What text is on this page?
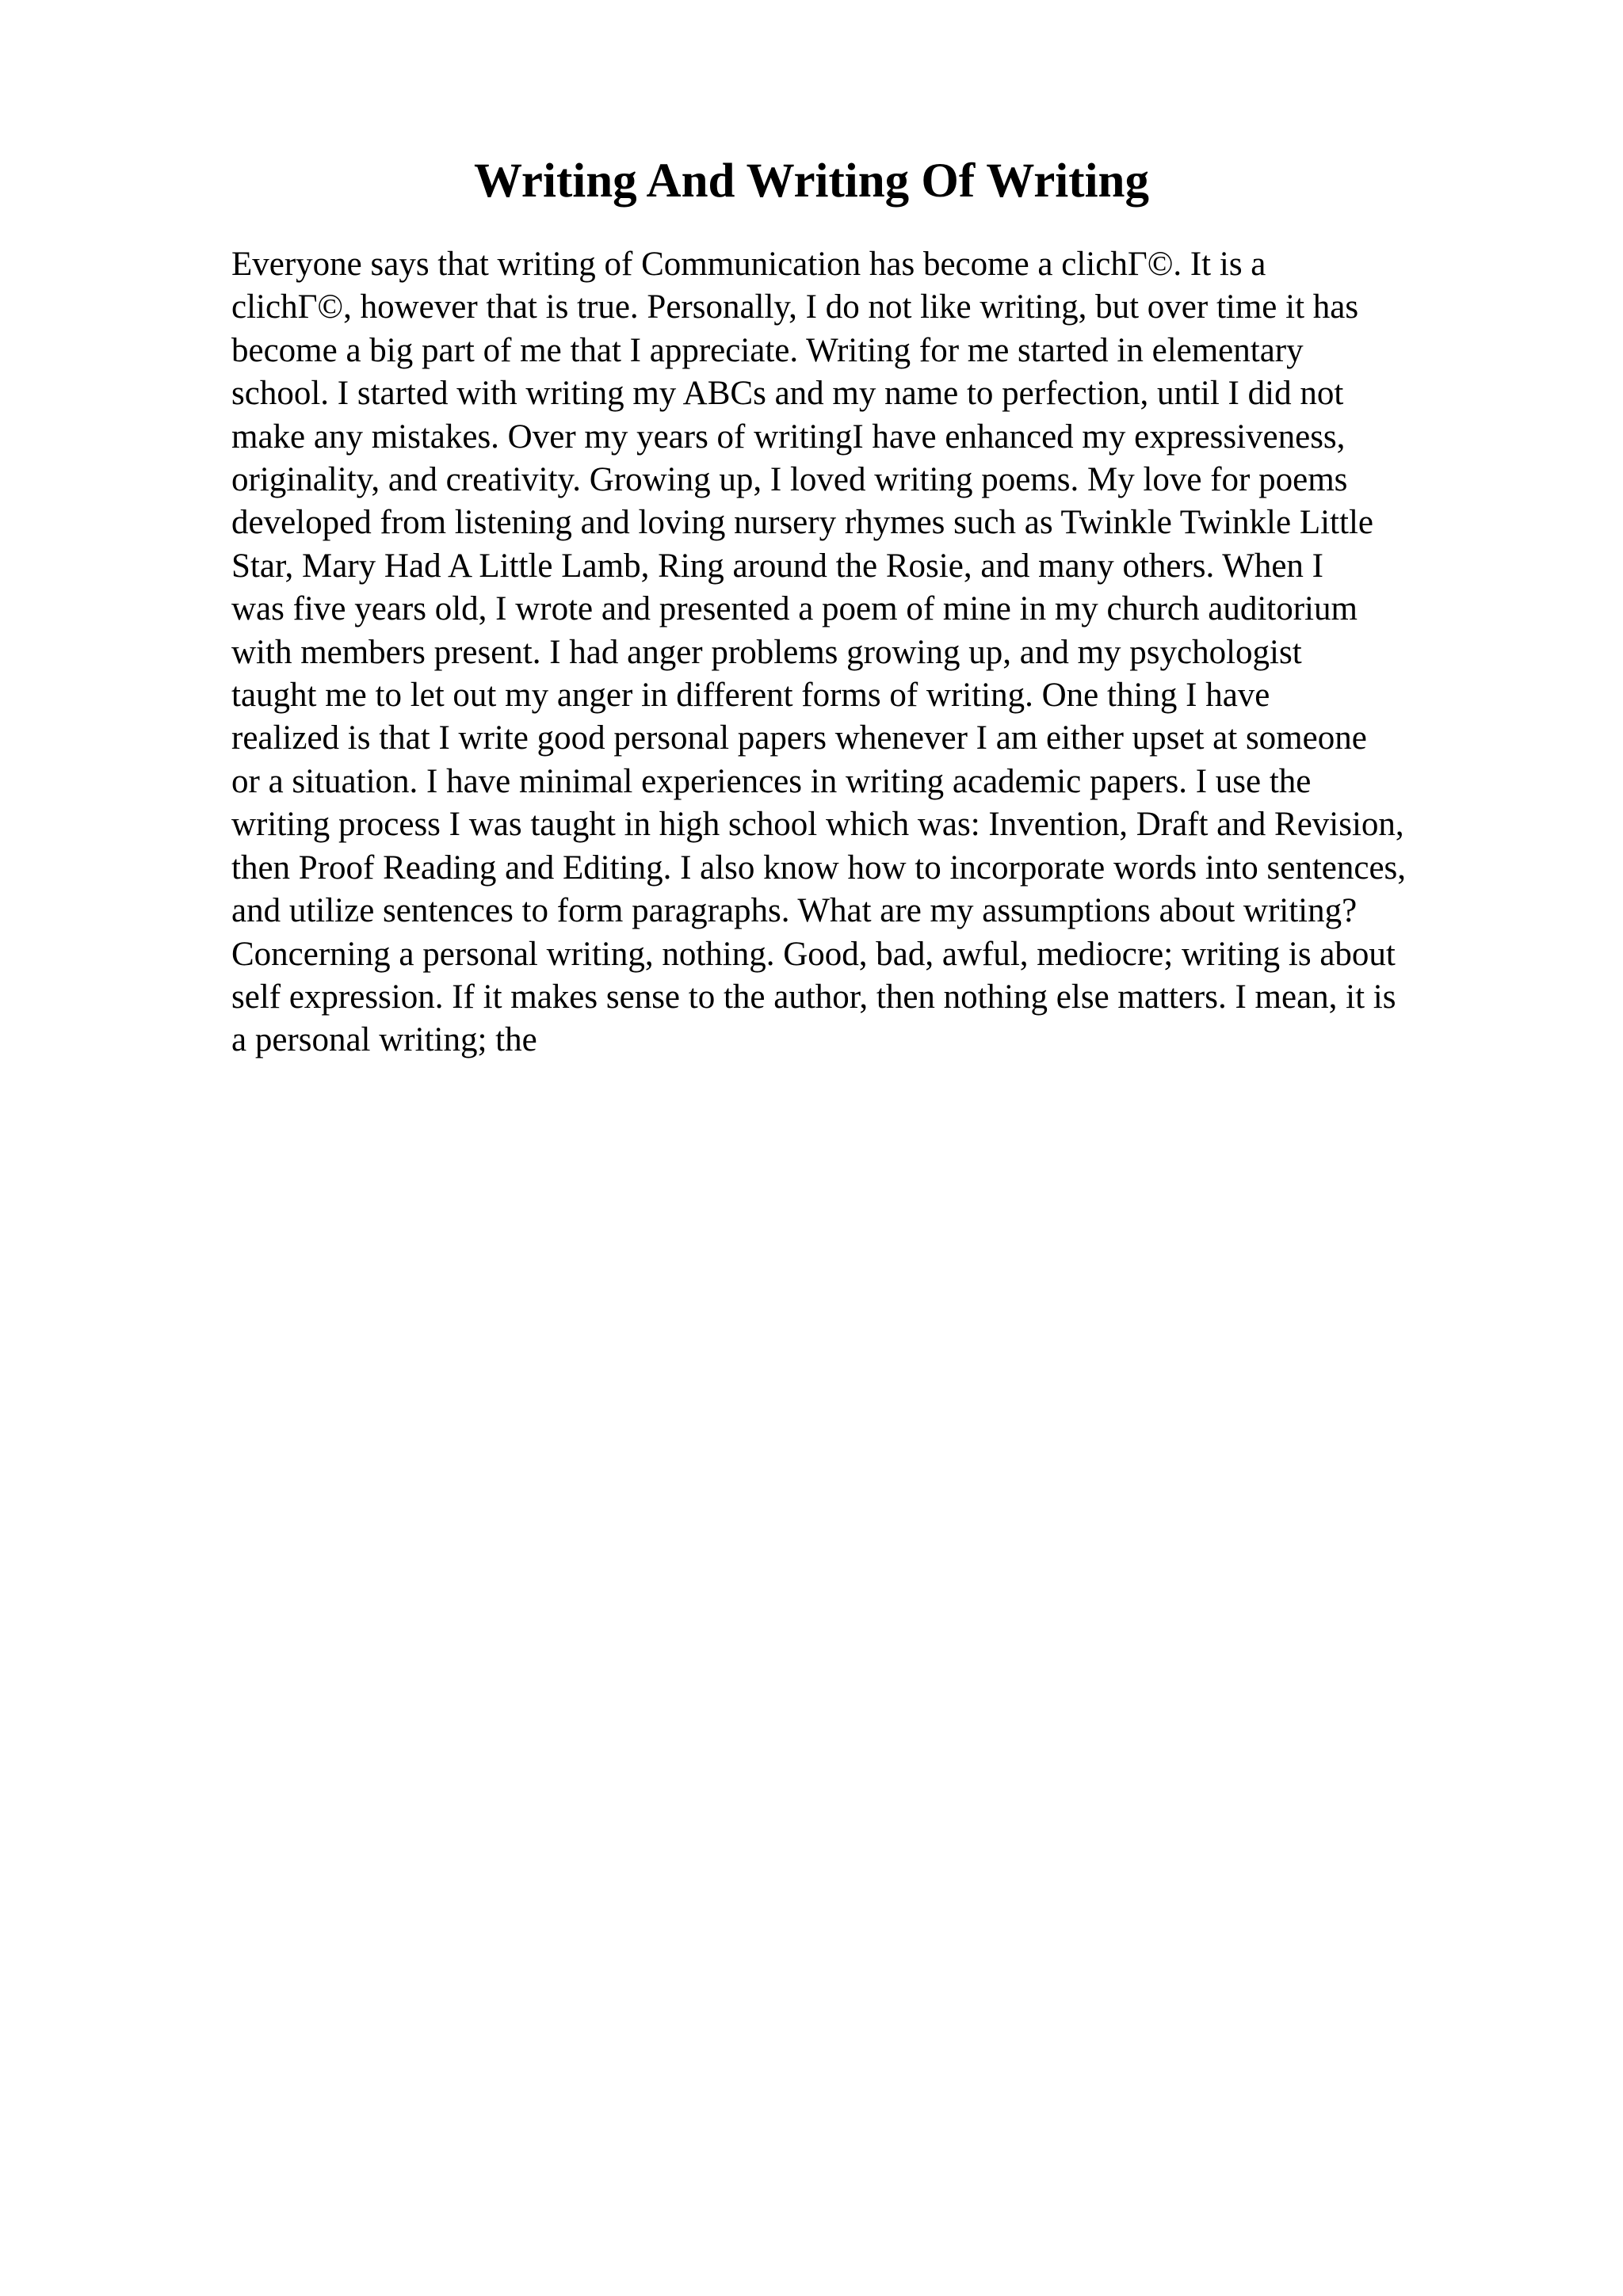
Writing And Writing Of Writing
Everyone says that writing of Communication has become a clichΓ©. It is a
clichΓ©, however that is true. Personally, I do not like writing, but over time it has
become a big part of me that I appreciate. Writing for me started in elementary
school. I started with writing my ABCs and my name to perfection, until I did not
make any mistakes. Over my years of writingI have enhanced my expressiveness,
originality, and creativity. Growing up, I loved writing poems. My love for poems
developed from listening and loving nursery rhymes such as Twinkle Twinkle Little
Star, Mary Had A Little Lamb, Ring around the Rosie, and many others. When I
was five years old, I wrote and presented a poem of mine in my church auditorium
with members present. I had anger problems growing up, and my psychologist
taught me to let out my anger in different forms of writing. One thing I have
realized is that I write good personal papers whenever I am either upset at someone
or a situation. I have minimal experiences in writing academic papers. I use the
writing process I was taught in high school which was: Invention, Draft and Revision,
then Proof Reading and Editing. I also know how to incorporate words into sentences,
and utilize sentences to form paragraphs. What are my assumptions about writing?
Concerning a personal writing, nothing. Good, bad, awful, mediocre; writing is about
self expression. If it makes sense to the author, then nothing else matters. I mean, it is
a personal writing; the
